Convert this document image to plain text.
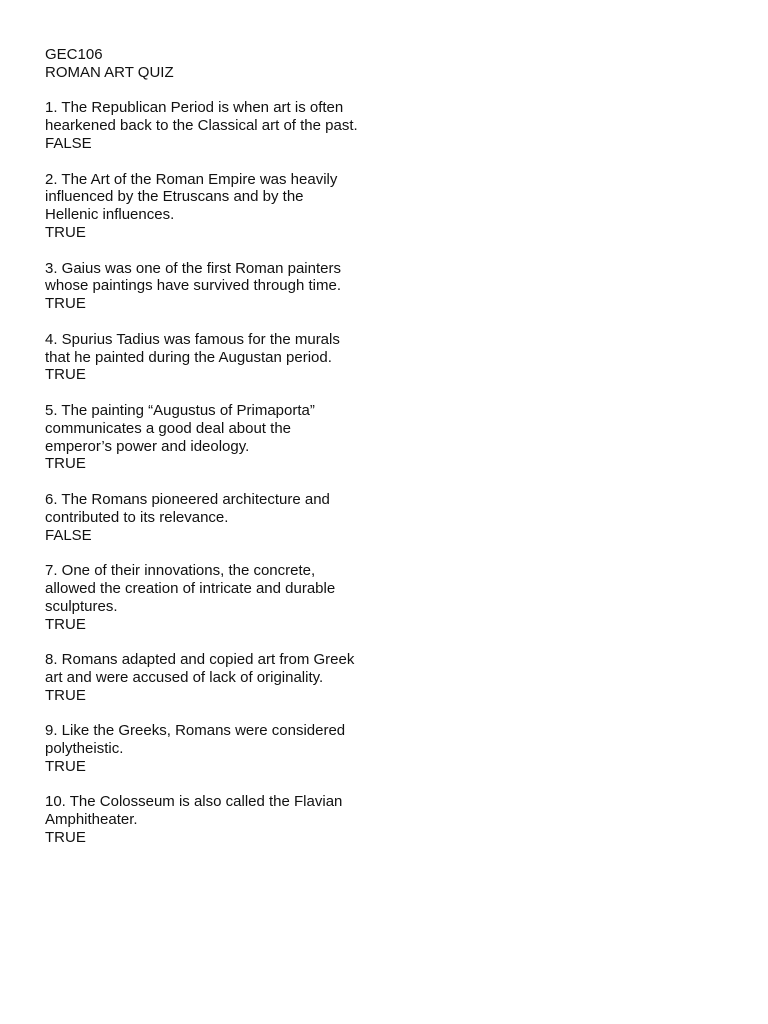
GEC106
ROMAN ART QUIZ
1. The Republican Period is when art is often
hearkened back to the Classical art of the past.
FALSE
2. The Art of the Roman Empire was heavily
influenced by the Etruscans and by the
Hellenic influences.
TRUE
3. Gaius was one of the first Roman painters
whose paintings have survived through time.
TRUE
4. Spurius Tadius was famous for the murals
that he painted during the Augustan period.
TRUE
5. The painting “Augustus of Primaporta”
communicates a good deal about the
emperor’s power and ideology.
TRUE
6. The Romans pioneered architecture and
contributed to its relevance.
FALSE
7. One of their innovations, the concrete,
allowed the creation of intricate and durable
sculptures.
TRUE
8. Romans adapted and copied art from Greek
art and were accused of lack of originality.
TRUE
9. Like the Greeks, Romans were considered
polytheistic.
TRUE
10. The Colosseum is also called the Flavian
Amphitheater.
TRUE
